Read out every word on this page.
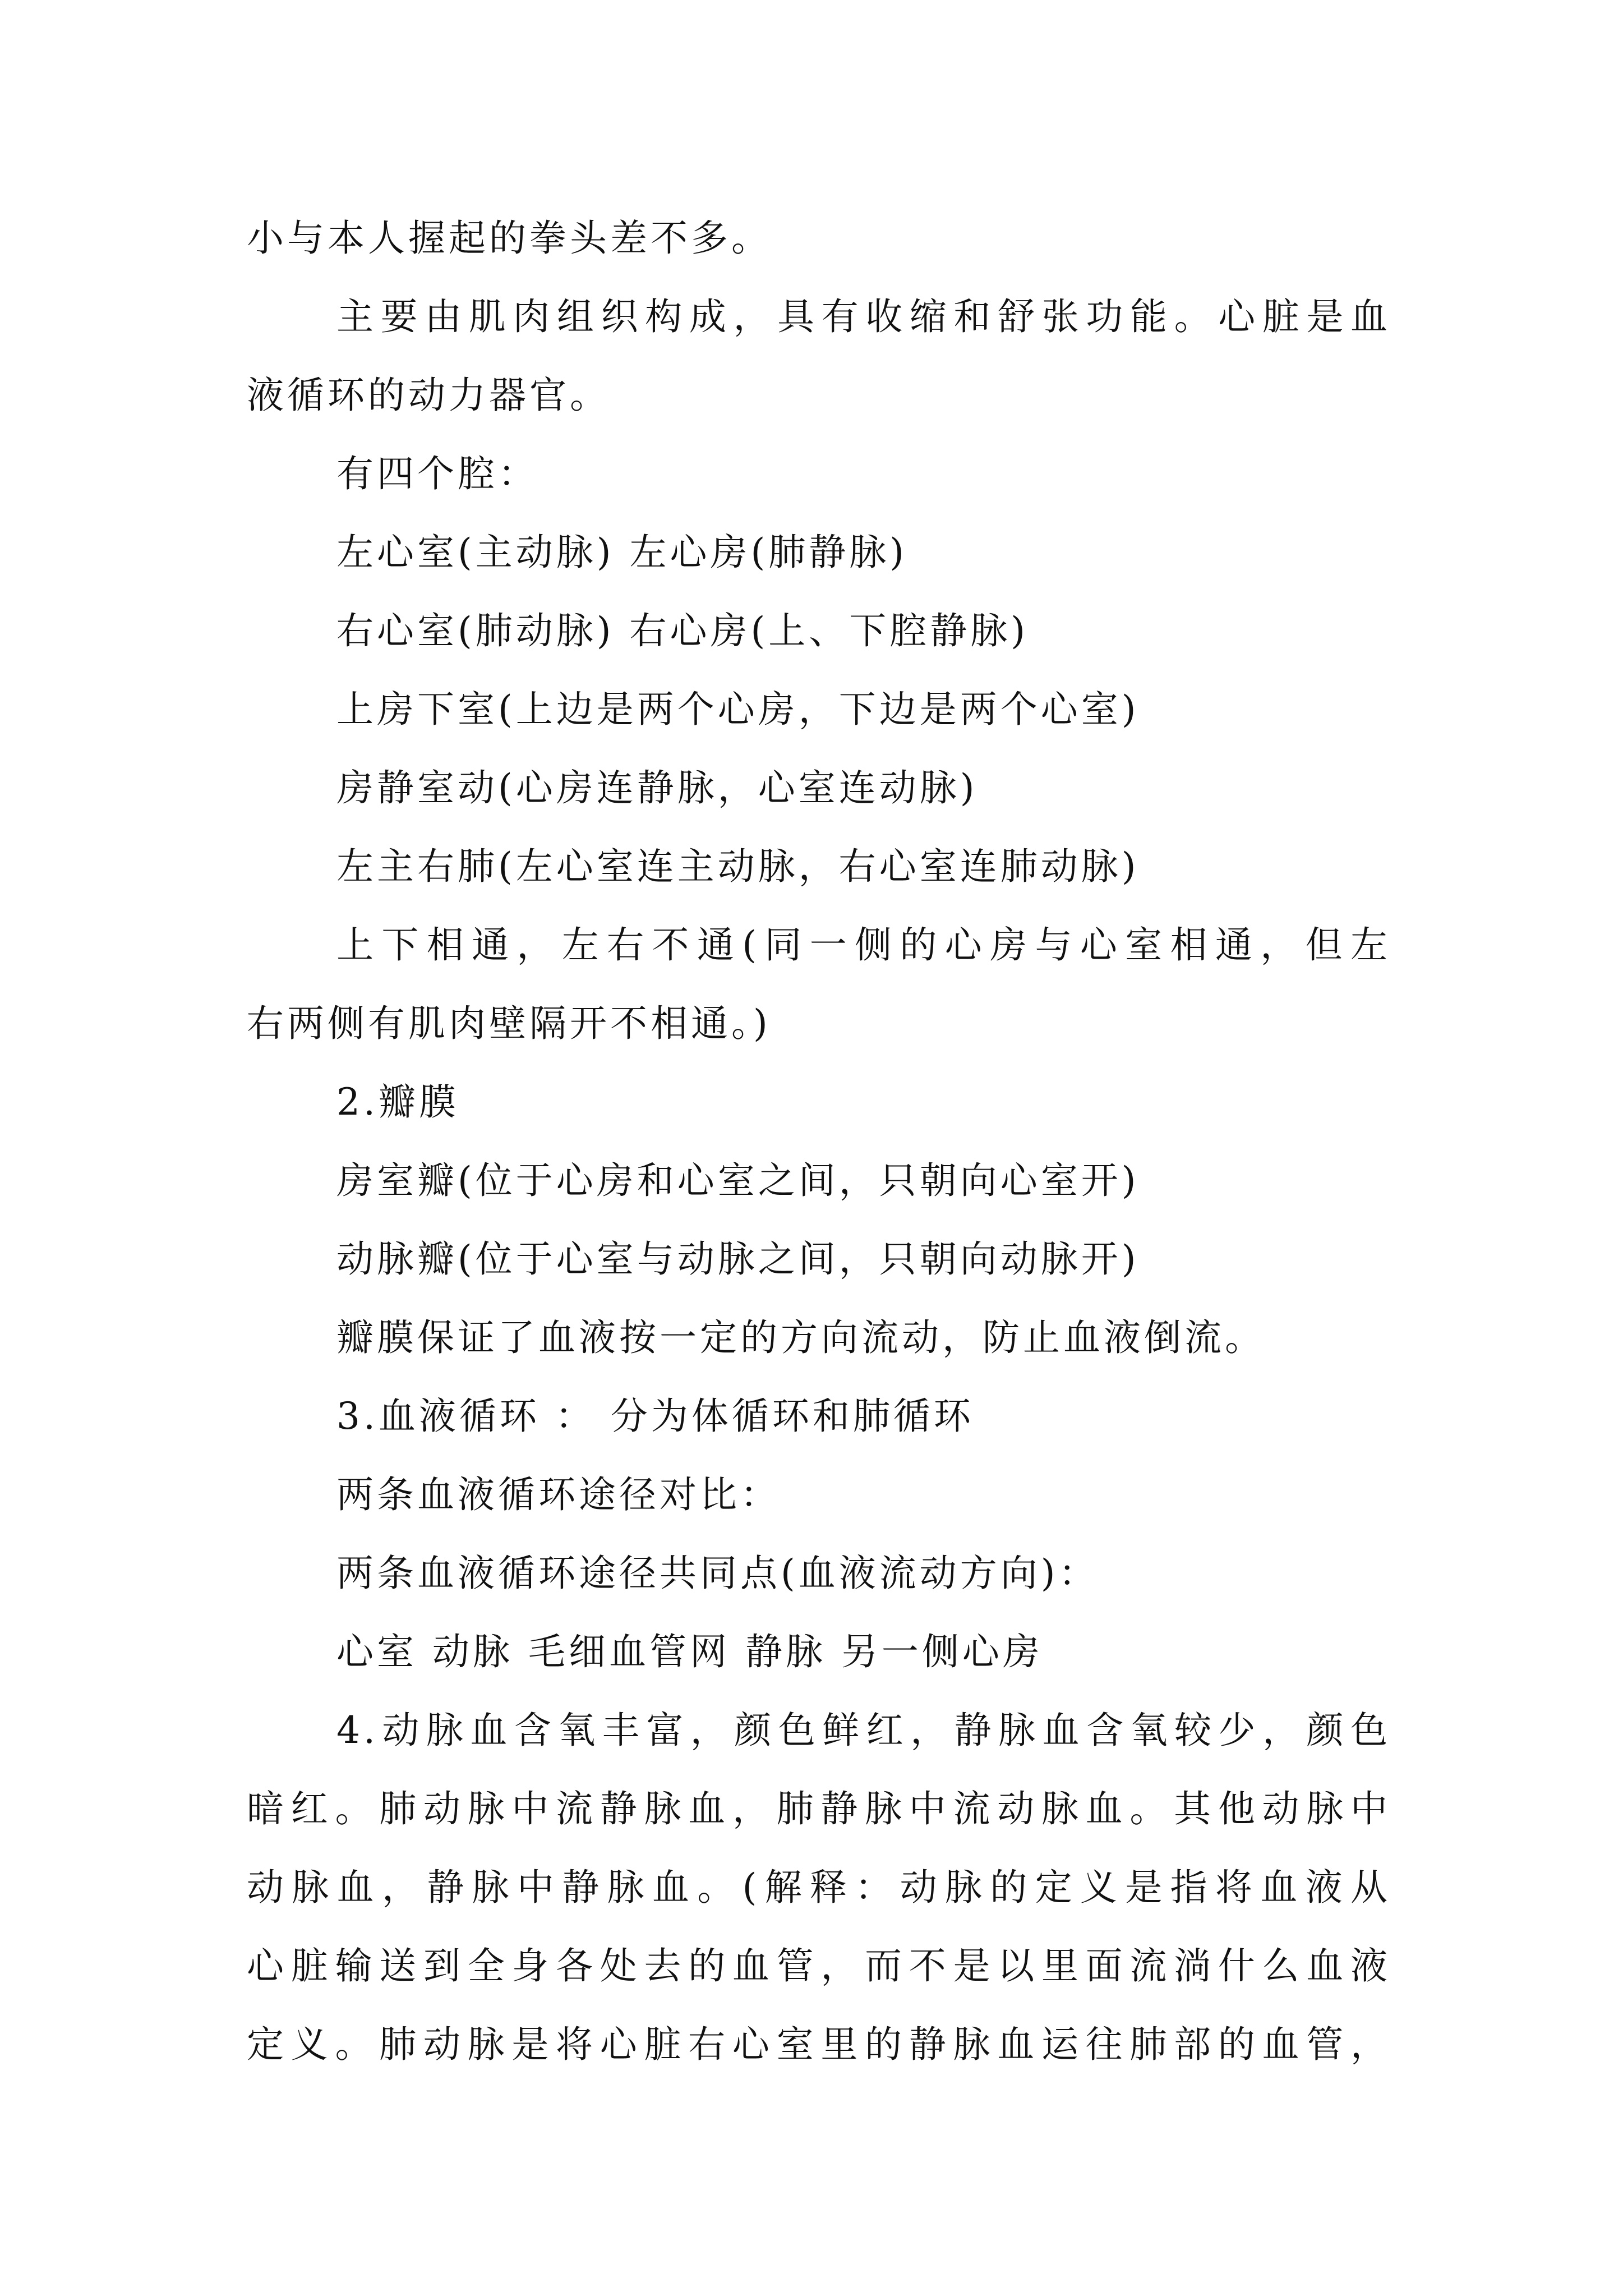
小与本人握起的拳头差不多。
主要由肌肉组织构成，具有收缩和舒张功能。心脏是血
液循环的动力器官。
有四个腔：
左心室(主动脉) 左心房(肺静脉)
右心室(肺动脉) 右心房(上、下腔静脉)
上房下室(上边是两个心房，下边是两个心室)
房静室动(心房连静脉，心室连动脉)
左主右肺(左心室连主动脉，右心室连肺动脉)
上下相通，左右不通(同一侧的心房与心室相通，但左
右两侧有肌肉壁隔开不相通。)
2.瓣膜
房室瓣(位于心房和心室之间，只朝向心室开)
动脉瓣(位于心室与动脉之间，只朝向动脉开)
瓣膜保证了血液按一定的方向流动，防止血液倒流。
3.血液循环 ： 分为体循环和肺循环
两条血液循环途径对比：
两条血液循环途径共同点(血液流动方向)：
心室 动脉 毛细血管网 静脉 另一侧心房
4.动脉血含氧丰富，颜色鲜红，静脉血含氧较少，颜色
暗红。肺动脉中流静脉血，肺静脉中流动脉血。其他动脉中
动脉血，静脉中静脉血。(解释：动脉的定义是指将血液从
心脏输送到全身各处去的血管，而不是以里面流淌什么血液
定义。肺动脉是将心脏右心室里的静脉血运往肺部的血管，
